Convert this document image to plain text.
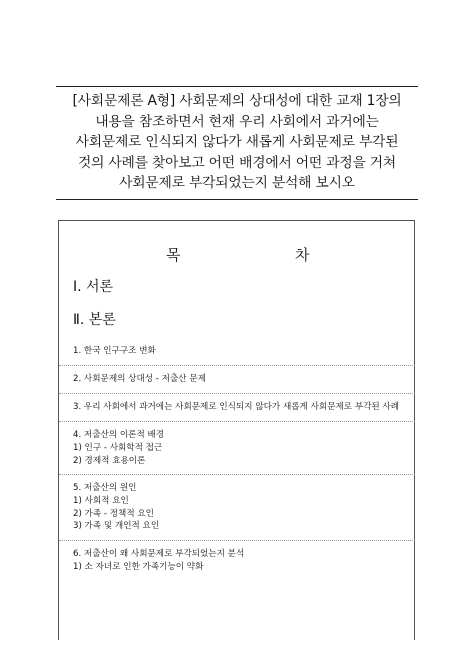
[사회문제론 A형] 사회문제의 상대성에 대한 교재 1장의
내용을 참조하면서 현재 우리 사회에서 과거에는
사회문제로 인식되지 않다가 새롭게 사회문제로 부각된
것의 사례를 찾아보고 어떤 배경에서 어떤 과정을 거쳐
사회문제로 부각되었는지 분석해 보시오
목	차
Ⅰ. 서론
Ⅱ. 본론
1. 한국 인구구조 변화
2. 사회문제의 상대성 - 저출산 문제
3. 우리 사회에서 과거에는 사회문제로 인식되지 않다가 새롭게 사회문제로 부각된 사례
4. 저출산의 이론적 배경
1) 인구 - 사회학적 접근
2) 경제적 효용이론
5. 저출산의 원인
1) 사회적 요인
2) 가족 - 정책적 요인
3) 가족 및 개인적 요인
6. 저출산이 왜 사회문제로 부각되었는지 분석
1) 소 자녀로 인한 가족기능이 약화
